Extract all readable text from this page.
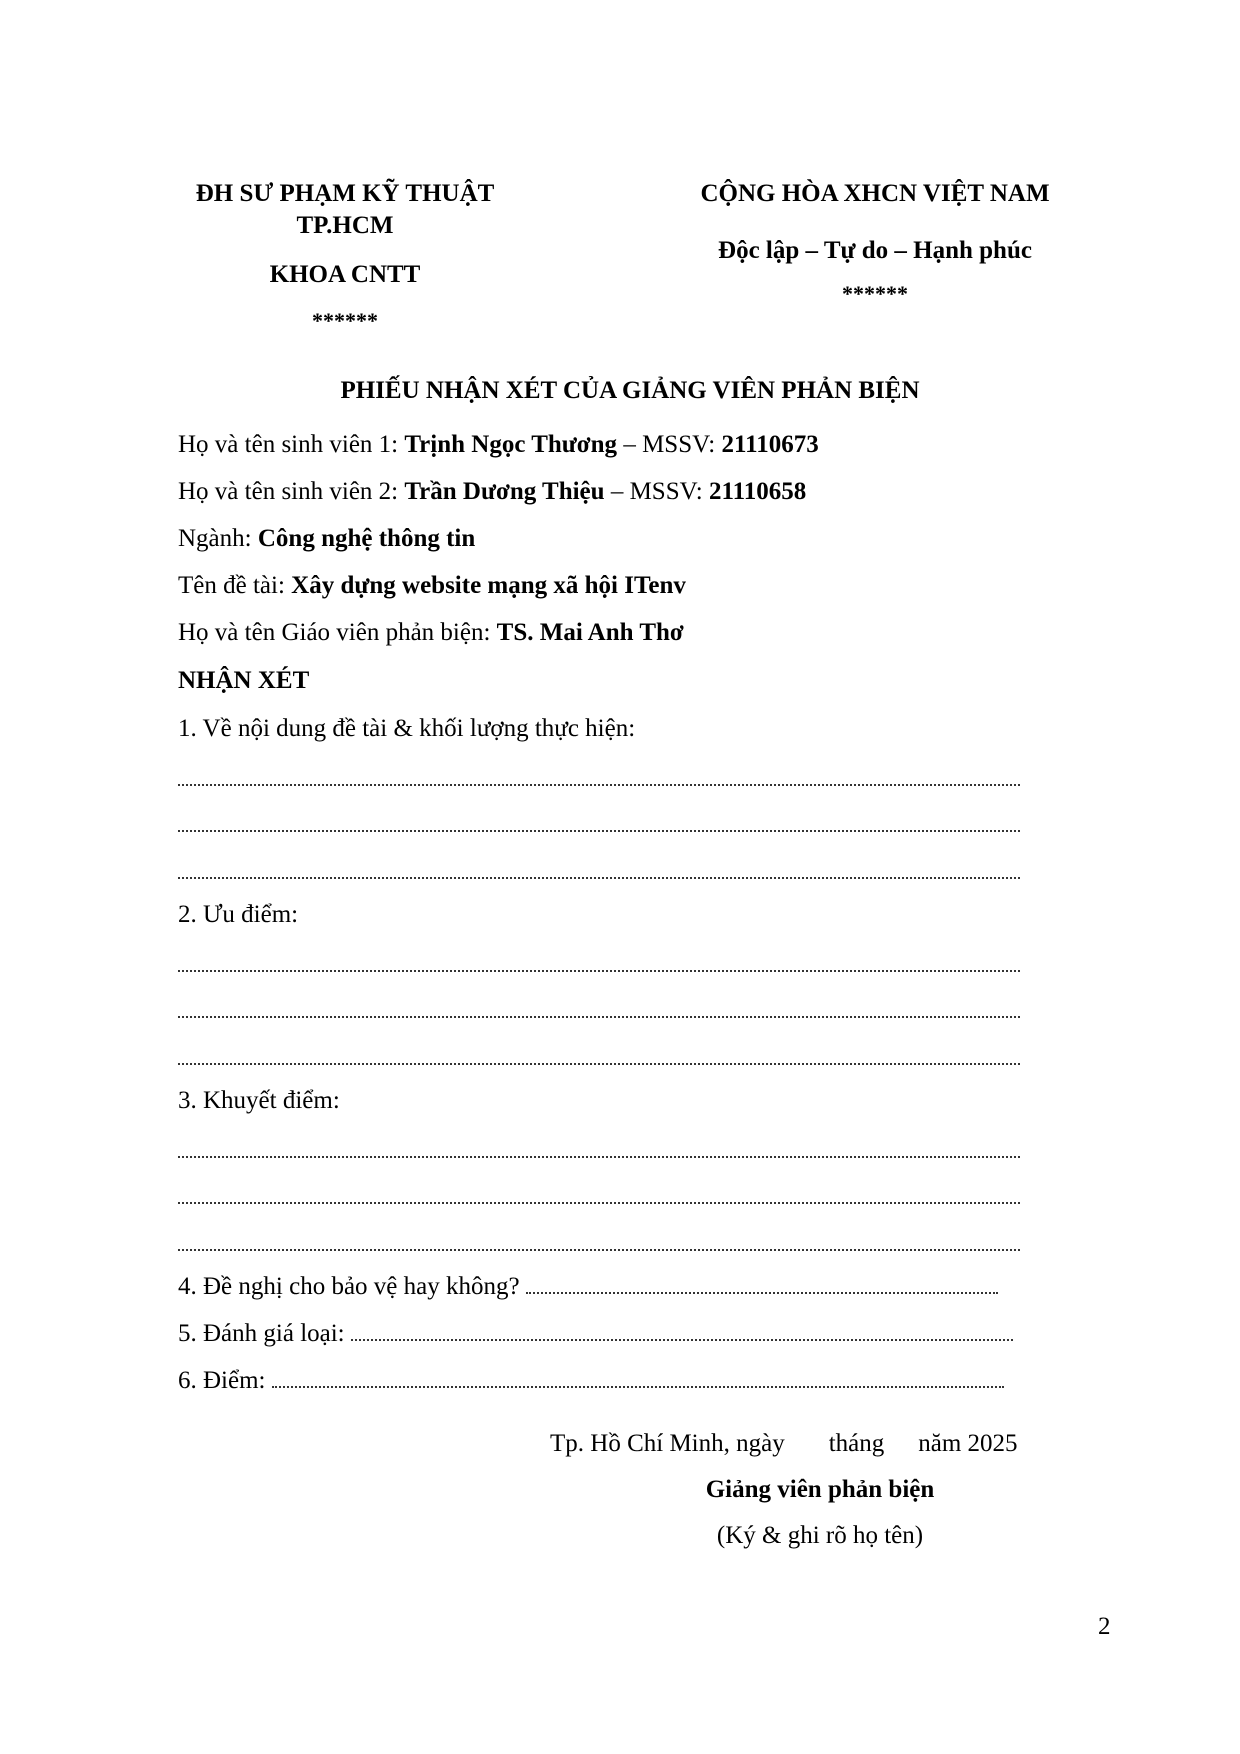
ĐH SƯ PHẠM KỸ THUẬT
TP.HCM
KHOA CNTT
******
CỘNG HÒA XHCN VIỆT NAM
Độc lập – Tự do – Hạnh phúc
******
PHIẾU NHẬN XÉT CỦA GIẢNG VIÊN PHẢN BIỆN
Họ và tên sinh viên 1: Trịnh Ngọc Thương – MSSV: 21110673
Họ và tên sinh viên 2: Trần Dương Thiệu – MSSV: 21110658
Ngành: Công nghệ thông tin
Tên đề tài: Xây dựng website mạng xã hội ITenv
Họ và tên Giáo viên phản biện: TS. Mai Anh Thơ
NHẬN XÉT
1. Về nội dung đề tài & khối lượng thực hiện:
2. Ưu điểm:
3. Khuyết điểm:
4. Đề nghị cho bảo vệ hay không?
5. Đánh giá loại:
6. Điểm:
Tp. Hồ Chí Minh, ngày tháng năm 2025
Giảng viên phản biện
(Ký & ghi rõ họ tên)
2
